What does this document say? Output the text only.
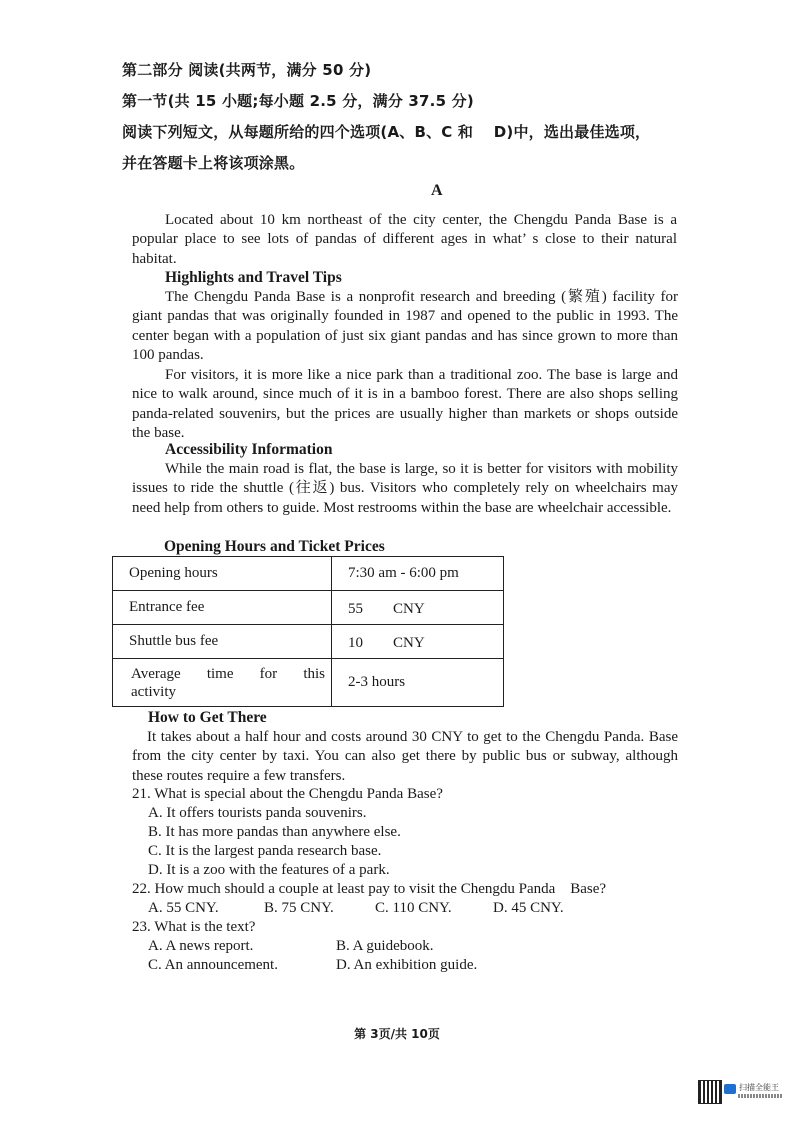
第二部分 阅读(共两节，满分 50 分)
第一节(共 15 小题;每小题 2.5 分，满分 37.5 分)
阅读下列短文，从每题所给的四个选项(A、B、C 和　 D)中，选出最佳选项，
并在答题卡上将该项涂黑。
A
Located about 10 km northeast of the city center, the Chengdu Panda Base is a popular place to see lots of pandas of different ages in what’ s close to their natural habitat.
Highlights and Travel Tips
The Chengdu Panda Base is a nonprofit research and breeding (繁殖) facility for giant pandas that was originally founded in 1987 and opened to the public in 1993. The center began with a population of just six giant pandas and has since grown to more than 100 pandas.
For visitors, it is more like a nice park than a traditional zoo. The base is large and nice to walk around, since much of it is in a bamboo forest. There are also shops selling panda-related souvenirs, but the prices are usually higher than markets or shops outside the base.
Accessibility Information
While the main road is flat, the base is large, so it is better for visitors with mobility issues to ride the shuttle (往返) bus. Visitors who completely rely on wheelchairs may need help from others to guide. Most restrooms within the base are wheelchair accessible.
Opening Hours and Ticket Prices
Opening hours	7:30 am - 6:00 pm
Entrance fee	55　　CNY
Shuttle bus fee	10　　CNY
Average　time　for　this activity	2-3 hours
How to Get There
It takes about a half hour and costs around 30 CNY to get to the Chengdu Panda. Base from the city center by taxi. You can also get there by public bus or subway, although these routes require a few transfers.
21. What is special about the Chengdu Panda Base?
A. It offers tourists panda souvenirs.
B. It has more pandas than anywhere else.
C. It is the largest panda research base.
D. It is a zoo with the features of a park.
22. How much should a couple at least pay to visit the Chengdu Panda　Base?
A. 55 CNY.	B. 75 CNY.	C. 110 CNY.	D. 45 CNY.
23. What is the text?
A. A news report.	B. A guidebook.
C. An announcement.	D. An exhibition guide.
第 3页/共 10页
扫描全能王
